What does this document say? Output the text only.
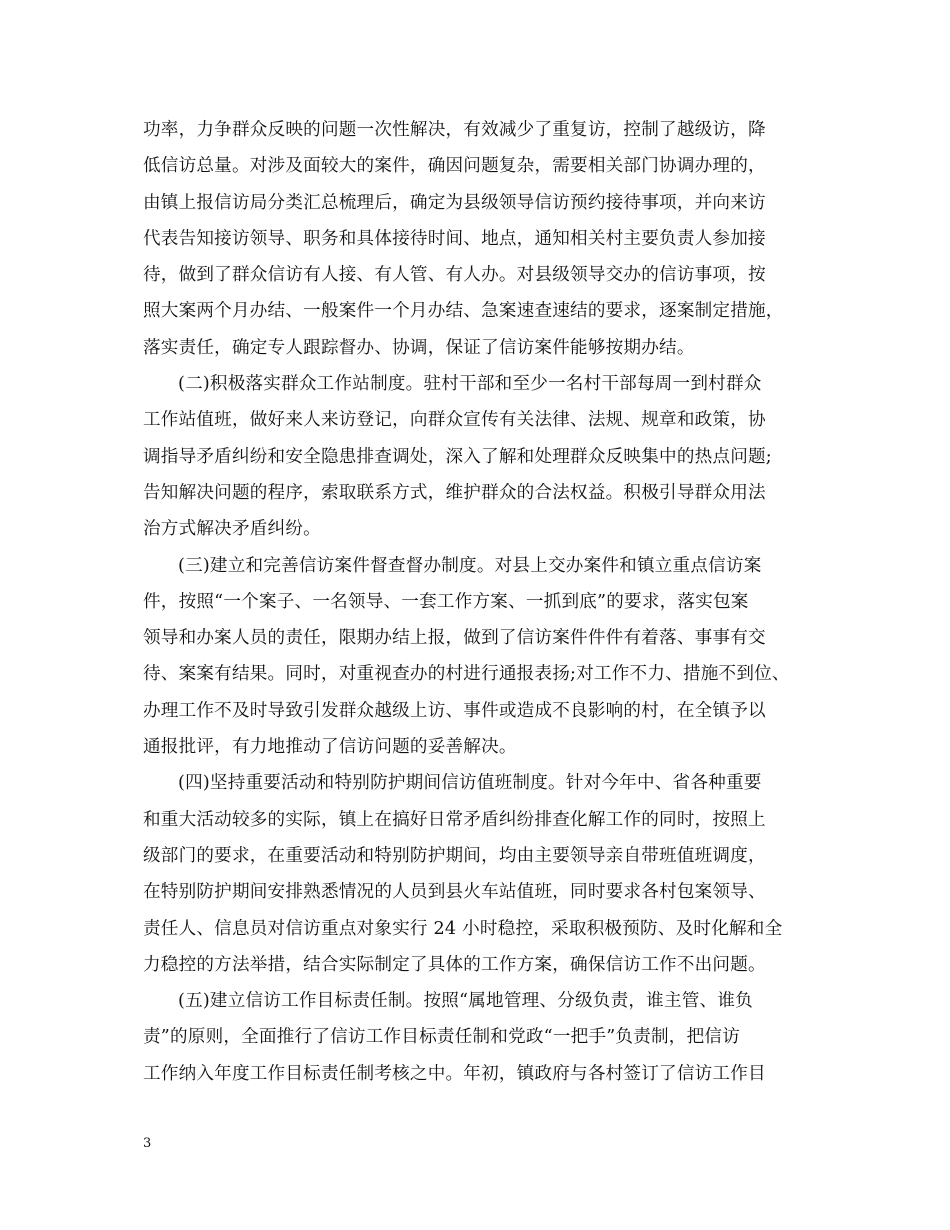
功率，力争群众反映的问题一次性解决，有效减少了重复访，控制了越级访，降
低信访总量。对涉及面较大的案件，确因问题复杂，需要相关部门协调办理的，
由镇上报信访局分类汇总梳理后，确定为县级领导信访预约接待事项，并向来访
代表告知接访领导、职务和具体接待时间、地点，通知相关村主要负责人参加接
待，做到了群众信访有人接、有人管、有人办。对县级领导交办的信访事项，按
照大案两个月办结、一般案件一个月办结、急案速查速结的要求，逐案制定措施，
落实责任，确定专人跟踪督办、协调，保证了信访案件能够按期办结。
(二)积极落实群众工作站制度。驻村干部和至少一名村干部每周一到村群众
工作站值班，做好来人来访登记，向群众宣传有关法律、法规、规章和政策，协
调指导矛盾纠纷和安全隐患排查调处，深入了解和处理群众反映集中的热点问题;
告知解决问题的程序，索取联系方式，维护群众的合法权益。积极引导群众用法
治方式解决矛盾纠纷。
(三)建立和完善信访案件督查督办制度。对县上交办案件和镇立重点信访案
件，按照“一个案子、一名领导、一套工作方案、一抓到底”的要求，落实包案
领导和办案人员的责任，限期办结上报，做到了信访案件件件有着落、事事有交
待、案案有结果。同时，对重视查办的村进行通报表扬;对工作不力、措施不到位、
办理工作不及时导致引发群众越级上访、事件或造成不良影响的村，在全镇予以
通报批评，有力地推动了信访问题的妥善解决。
(四)坚持重要活动和特别防护期间信访值班制度。针对今年中、省各种重要
和重大活动较多的实际，镇上在搞好日常矛盾纠纷排查化解工作的同时，按照上
级部门的要求，在重要活动和特别防护期间，均由主要领导亲自带班值班调度，
在特别防护期间安排熟悉情况的人员到县火车站值班，同时要求各村包案领导、
责任人、信息员对信访重点对象实行 24 小时稳控，采取积极预防、及时化解和全
力稳控的方法举措，结合实际制定了具体的工作方案，确保信访工作不出问题。
(五)建立信访工作目标责任制。按照“属地管理、分级负责，谁主管、谁负
责”的原则，全面推行了信访工作目标责任制和党政“一把手”负责制，把信访
工作纳入年度工作目标责任制考核之中。年初，镇政府与各村签订了信访工作目
3
